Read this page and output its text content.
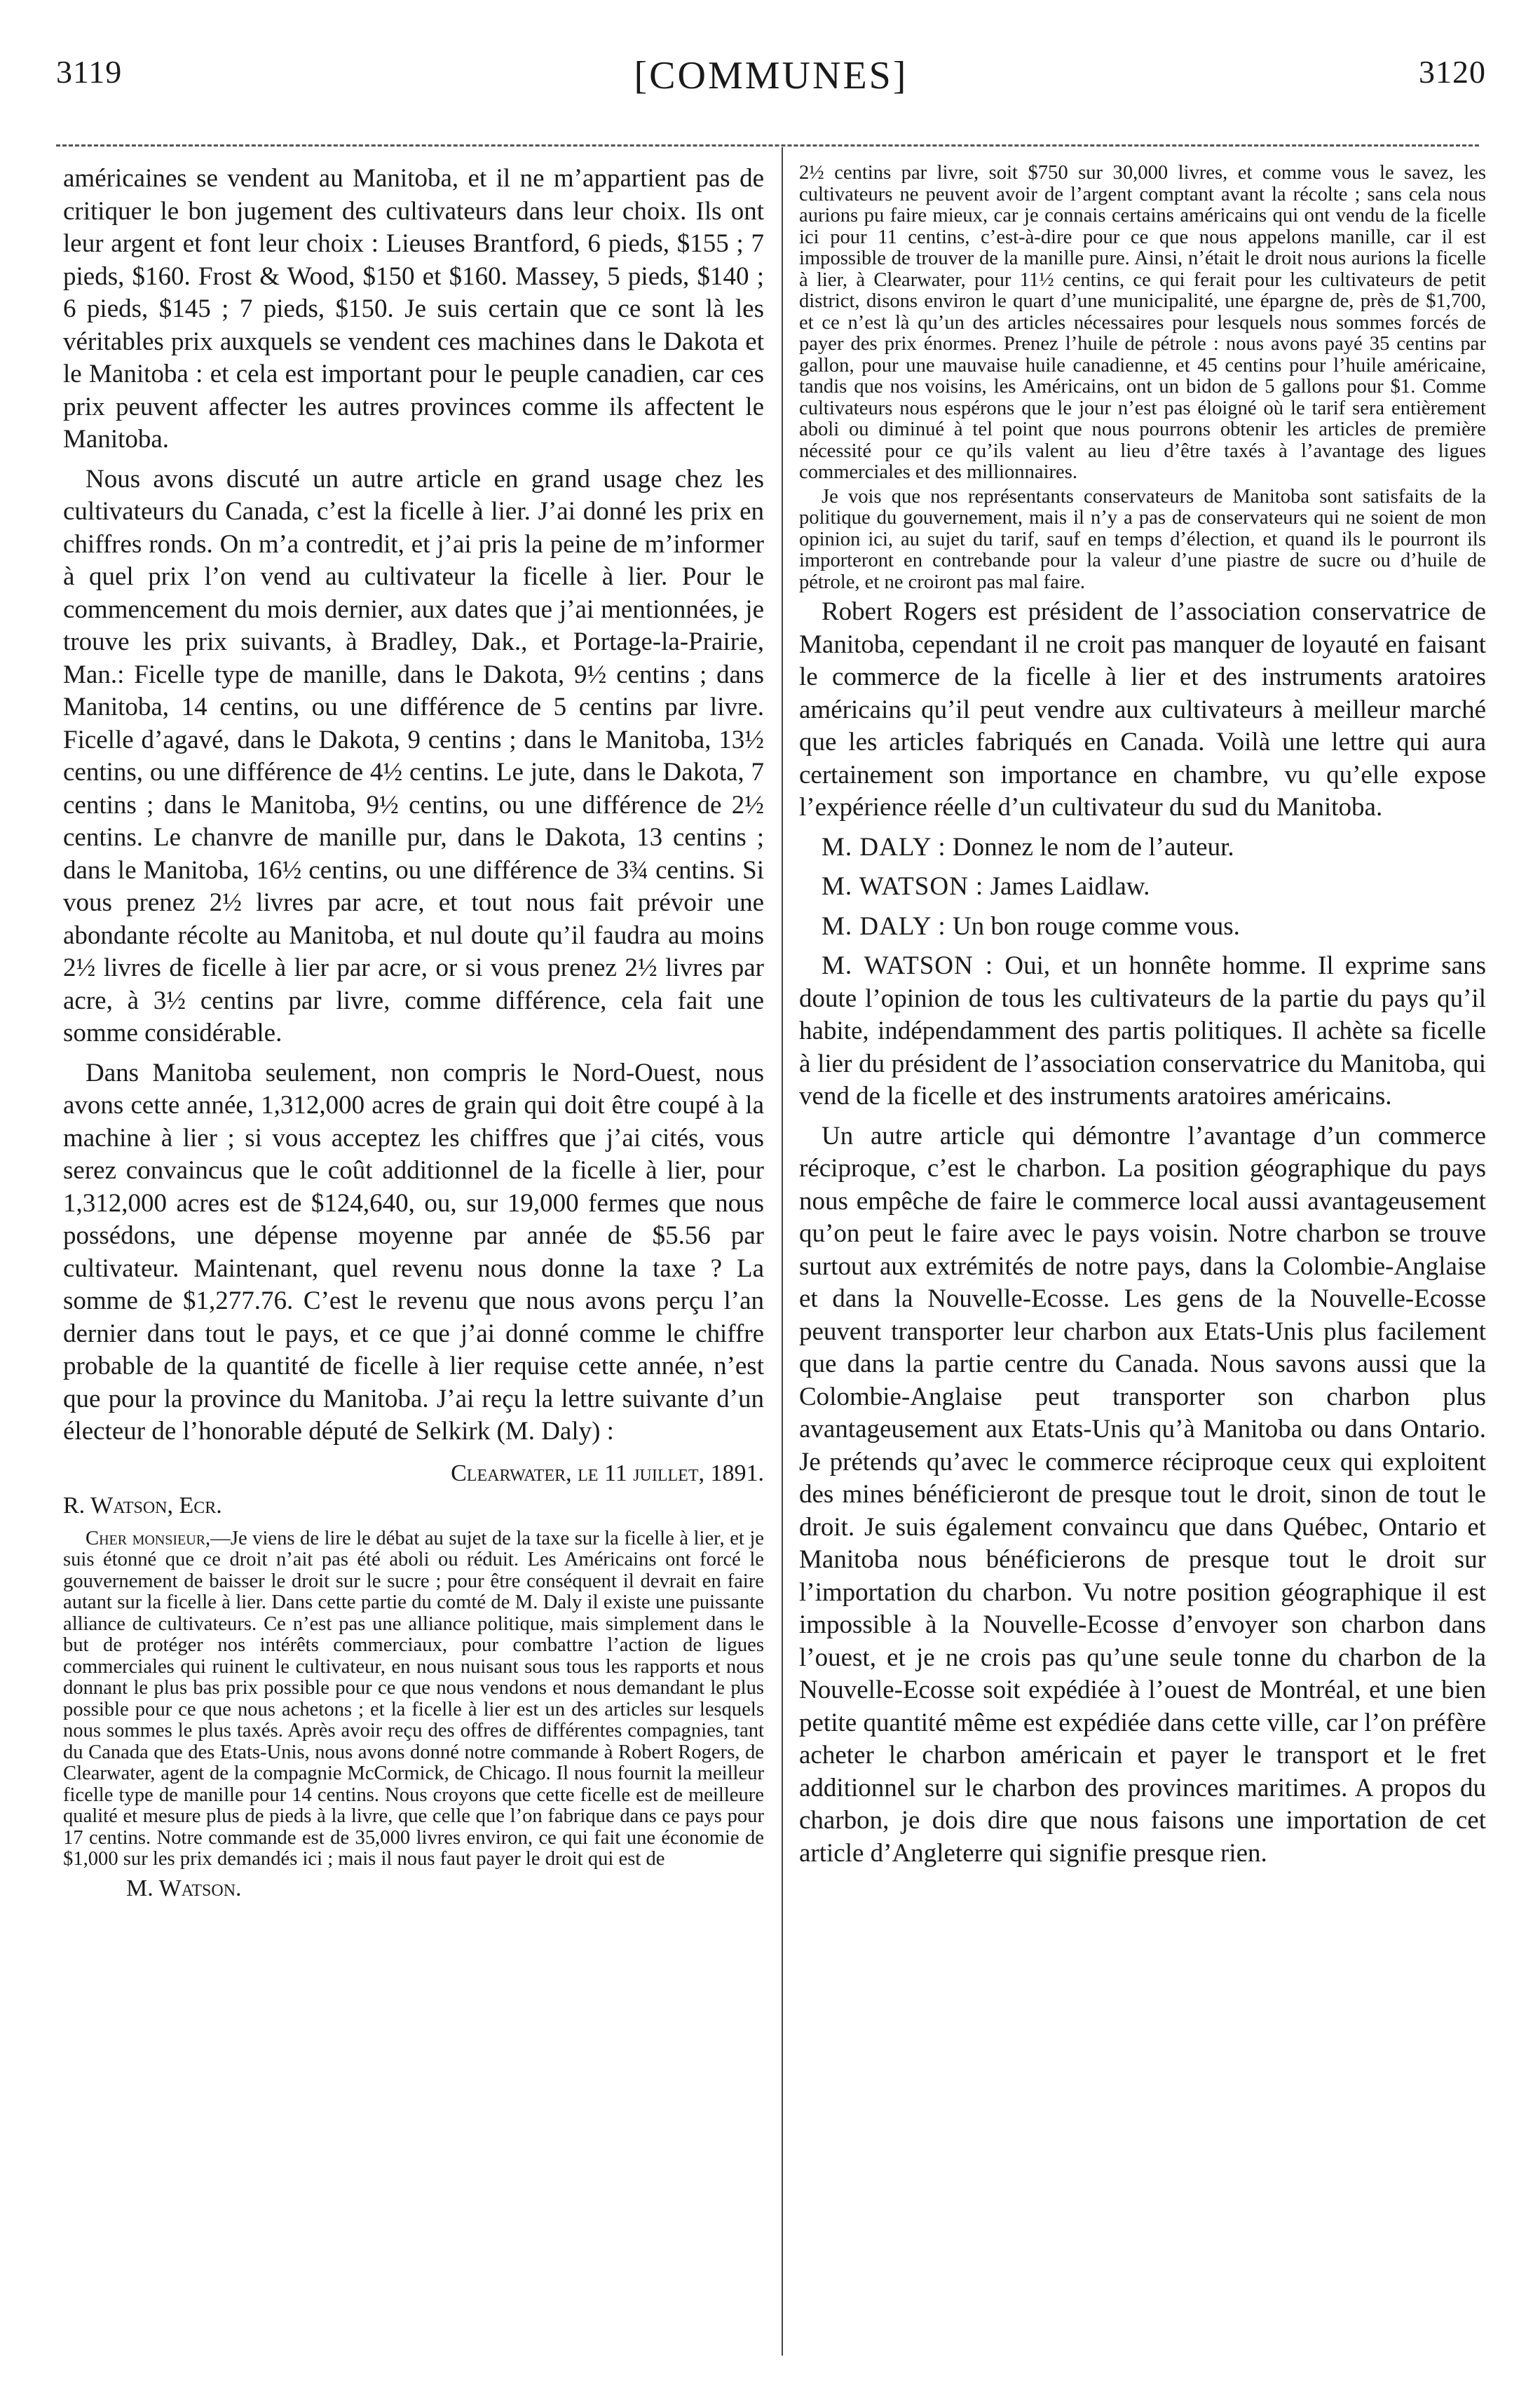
3119	[COMMUNES]	3120

américaines se vendent au Manitoba, et il ne m’appartient pas de critiquer le bon jugement des cultivateurs dans leur choix. Ils ont leur argent et font leur choix : Lieuses Brantford, 6 pieds, $155 ; 7 pieds, $160. Frost & Wood, $150 et $160. Massey, 5 pieds, $140 ; 6 pieds, $145 ; 7 pieds, $150. Je suis certain que ce sont là les véritables prix auxquels se vendent ces machines dans le Dakota et le Manitoba : et cela est important pour le peuple canadien, car ces prix peuvent affecter les autres provinces comme ils affectent le Manitoba.

Nous avons discuté un autre article en grand usage chez les cultivateurs du Canada, c’est la ficelle à lier. J’ai donné les prix en chiffres ronds. On m’a contredit, et j’ai pris la peine de m’informer à quel prix l’on vend au cultivateur la ficelle à lier. Pour le commencement du mois dernier, aux dates que j’ai mentionnées, je trouve les prix suivants, à Bradley, Dak., et Portage-la-Prairie, Man.: Ficelle type de manille, dans le Dakota, 9½ centins ; dans Manitoba, 14 centins, ou une différence de 5 centins par livre. Ficelle d’agavé, dans le Dakota, 9 centins ; dans le Manitoba, 13½ centins, ou une différence de 4½ centins. Le jute, dans le Dakota, 7 centins ; dans le Manitoba, 9½ centins, ou une différence de 2½ centins. Le chanvre de manille pur, dans le Dakota, 13 centins ; dans le Manitoba, 16½ centins, ou une différence de 3¾ centins. Si vous prenez 2½ livres par acre, et tout nous fait prévoir une abondante récolte au Manitoba, et nul doute qu’il faudra au moins 2½ livres de ficelle à lier par acre, or si vous prenez 2½ livres par acre, à 3½ centins par livre, comme différence, cela fait une somme considérable.

Dans Manitoba seulement, non compris le Nord-Ouest, nous avons cette année, 1,312,000 acres de grain qui doit être coupé à la machine à lier ; si vous acceptez les chiffres que j’ai cités, vous serez convaincus que le coût additionnel de la ficelle à lier, pour 1,312,000 acres est de $124,640, ou, sur 19,000 fermes que nous possédons, une dépense moyenne par année de $5.56 par cultivateur. Maintenant, quel revenu nous donne la taxe ? La somme de $1,277.76. C’est le revenu que nous avons perçu l’an dernier dans tout le pays, et ce que j’ai donné comme le chiffre probable de la quantité de ficelle à lier requise cette année, n’est que pour la province du Manitoba. J’ai reçu la lettre suivante d’un électeur de l’honorable député de Selkirk (M. Daly) :

Clearwater, le 11 juillet, 1891.
R. Watson, Ecr.

Cher monsieur,—Je viens de lire le débat au sujet de la taxe sur la ficelle à lier, et je suis étonné que ce droit n’ait pas été aboli ou réduit. Les Américains ont forcé le gouvernement de baisser le droit sur le sucre ; pour être conséquent il devrait en faire autant sur la ficelle à lier. Dans cette partie du comté de M. Daly il existe une puissante alliance de cultivateurs. Ce n’est pas une alliance politique, mais simplement dans le but de protéger nos intérêts commerciaux, pour combattre l’action de ligues commerciales qui ruinent le cultivateur, en nous nuisant sous tous les rapports et nous donnant le plus bas prix possible pour ce que nous vendons et nous demandant le plus possible pour ce que nous achetons ; et la ficelle à lier est un des articles sur lesquels nous sommes le plus taxés. Après avoir reçu des offres de différentes compagnies, tant du Canada que des Etats-Unis, nous avons donné notre commande à Robert Rogers, de Clearwater, agent de la compagnie McCormick, de Chicago. Il nous fournit la meilleur ficelle type de manille pour 14 centins. Nous croyons que cette ficelle est de meilleure qualité et mesure plus de pieds à la livre, que celle que l’on fabrique dans ce pays pour 17 centins. Notre commande est de 35,000 livres environ, ce qui fait une économie de $1,000 sur les prix demandés ici ; mais il nous faut payer le droit qui est de

M. Watson.

2½ centins par livre, soit $750 sur 30,000 livres, et comme vous le savez, les cultivateurs ne peuvent avoir de l’argent comptant avant la récolte ; sans cela nous aurions pu faire mieux, car je connais certains américains qui ont vendu de la ficelle ici pour 11 centins, c’est-à-dire pour ce que nous appelons manille, car il est impossible de trouver de la manille pure. Ainsi, n’était le droit nous aurions la ficelle à lier, à Clearwater, pour 11½ centins, ce qui ferait pour les cultivateurs de petit district, disons environ le quart d’une municipalité, une épargne de, près de $1,700, et ce n’est là qu’un des articles nécessaires pour lesquels nous sommes forcés de payer des prix énormes. Prenez l’huile de pétrole : nous avons payé 35 centins par gallon, pour une mauvaise huile canadienne, et 45 centins pour l’huile américaine, tandis que nos voisins, les Américains, ont un bidon de 5 gallons pour $1. Comme cultivateurs nous espérons que le jour n’est pas éloigné où le tarif sera entièrement aboli ou diminué à tel point que nous pourrons obtenir les articles de première nécessité pour ce qu’ils valent au lieu d’être taxés à l’avantage des ligues commerciales et des millionnaires.

Je vois que nos représentants conservateurs de Manitoba sont satisfaits de la politique du gouvernement, mais il n’y a pas de conservateurs qui ne soient de mon opinion ici, au sujet du tarif, sauf en temps d’élection, et quand ils le pourront ils importeront en contrebande pour la valeur d’une piastre de sucre ou d’huile de pétrole, et ne croiront pas mal faire.

Robert Rogers est président de l’association conservatrice de Manitoba, cependant il ne croit pas manquer de loyauté en faisant le commerce de la ficelle à lier et des instruments aratoires américains qu’il peut vendre aux cultivateurs à meilleur marché que les articles fabriqués en Canada. Voilà une lettre qui aura certainement son importance en chambre, vu qu’elle expose l’expérience réelle d’un cultivateur du sud du Manitoba.

M. DALY : Donnez le nom de l’auteur.

M. WATSON : James Laidlaw.

M. DALY : Un bon rouge comme vous.

M. WATSON : Oui, et un honnête homme. Il exprime sans doute l’opinion de tous les cultivateurs de la partie du pays qu’il habite, indépendamment des partis politiques. Il achète sa ficelle à lier du président de l’association conservatrice du Manitoba, qui vend de la ficelle et des instruments aratoires américains.

Un autre article qui démontre l’avantage d’un commerce réciproque, c’est le charbon. La position géographique du pays nous empêche de faire le commerce local aussi avantageusement qu’on peut le faire avec le pays voisin. Notre charbon se trouve surtout aux extrémités de notre pays, dans la Colombie-Anglaise et dans la Nouvelle-Ecosse. Les gens de la Nouvelle-Ecosse peuvent transporter leur charbon aux Etats-Unis plus facilement que dans la partie centre du Canada. Nous savons aussi que la Colombie-Anglaise peut transporter son charbon plus avantageusement aux Etats-Unis qu’à Manitoba ou dans Ontario. Je prétends qu’avec le commerce réciproque ceux qui exploitent des mines bénéficieront de presque tout le droit, sinon de tout le droit. Je suis également convaincu que dans Québec, Ontario et Manitoba nous bénéficierons de presque tout le droit sur l’importation du charbon. Vu notre position géographique il est impossible à la Nouvelle-Ecosse d’envoyer son charbon dans l’ouest, et je ne crois pas qu’une seule tonne du charbon de la Nouvelle-Ecosse soit expédiée à l’ouest de Montréal, et une bien petite quantité même est expédiée dans cette ville, car l’on préfère acheter le charbon américain et payer le transport et le fret additionnel sur le charbon des provinces maritimes. A propos du charbon, je dois dire que nous faisons une importation de cet article d’Angleterre qui signifie presque rien.
